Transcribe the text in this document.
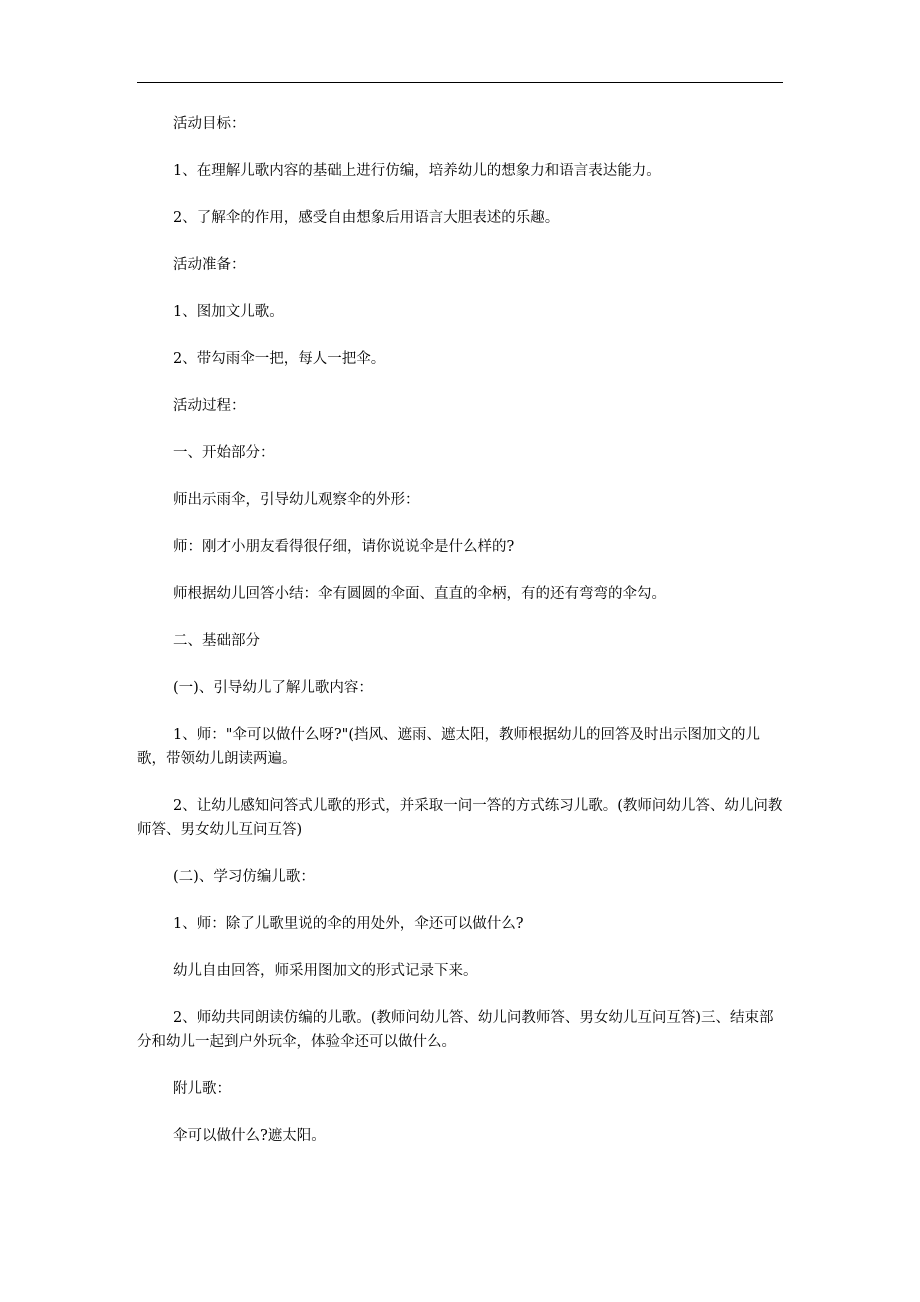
活动目标：

1、在理解儿歌内容的基础上进行仿编，培养幼儿的想象力和语言表达能力。

2、了解伞的作用，感受自由想象后用语言大胆表述的乐趣。

活动准备：

1、图加文儿歌。

2、带勾雨伞一把，每人一把伞。

活动过程：

一、开始部分：

师出示雨伞，引导幼儿观察伞的外形：

师：刚才小朋友看得很仔细，请你说说伞是什么样的?

师根据幼儿回答小结：伞有圆圆的伞面、直直的伞柄，有的还有弯弯的伞勾。

二、基础部分

(一)、引导幼儿了解儿歌内容：

1、师："伞可以做什么呀?"(挡风、遮雨、遮太阳，教师根据幼儿的回答及时出示图加文的儿歌，带领幼儿朗读两遍。

2、让幼儿感知问答式儿歌的形式，并采取一问一答的方式练习儿歌。(教师问幼儿答、幼儿问教师答、男女幼儿互问互答)

(二)、学习仿编儿歌：

1、师：除了儿歌里说的伞的用处外，伞还可以做什么?

幼儿自由回答，师采用图加文的形式记录下来。

2、师幼共同朗读仿编的儿歌。(教师问幼儿答、幼儿问教师答、男女幼儿互问互答)三、结束部分和幼儿一起到户外玩伞，体验伞还可以做什么。

附儿歌：

伞可以做什么?遮太阳。
